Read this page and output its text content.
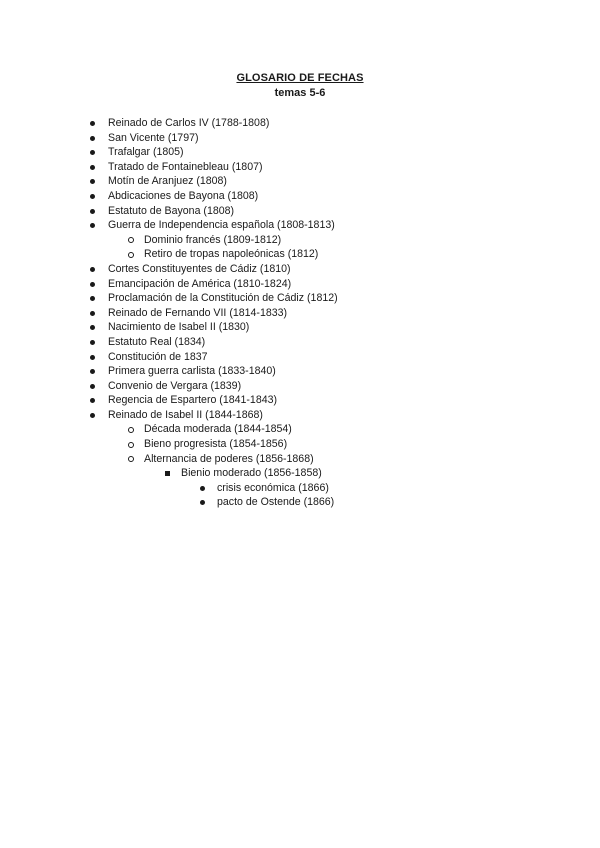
GLOSARIO DE FECHAS
temas 5-6
Reinado de Carlos IV (1788-1808)
San Vicente (1797)
Trafalgar (1805)
Tratado de Fontainebleau (1807)
Motín de Aranjuez (1808)
Abdicaciones de Bayona (1808)
Estatuto de Bayona (1808)
Guerra de Independencia española (1808-1813)
Dominio francés (1809-1812)
Retiro de tropas napoleónicas (1812)
Cortes Constituyentes de Cádiz (1810)
Emancipación de América (1810-1824)
Proclamación de la Constitución de Cádiz (1812)
Reinado de Fernando VII (1814-1833)
Nacimiento de Isabel II (1830)
Estatuto Real (1834)
Constitución de 1837
Primera guerra carlista (1833-1840)
Convenio de Vergara (1839)
Regencia de Espartero (1841-1843)
Reinado de Isabel II (1844-1868)
Década moderada (1844-1854)
Bieno progresista (1854-1856)
Alternancia de poderes (1856-1868)
Bienio moderado (1856-1858)
crisis económica (1866)
pacto de Ostende (1866)
